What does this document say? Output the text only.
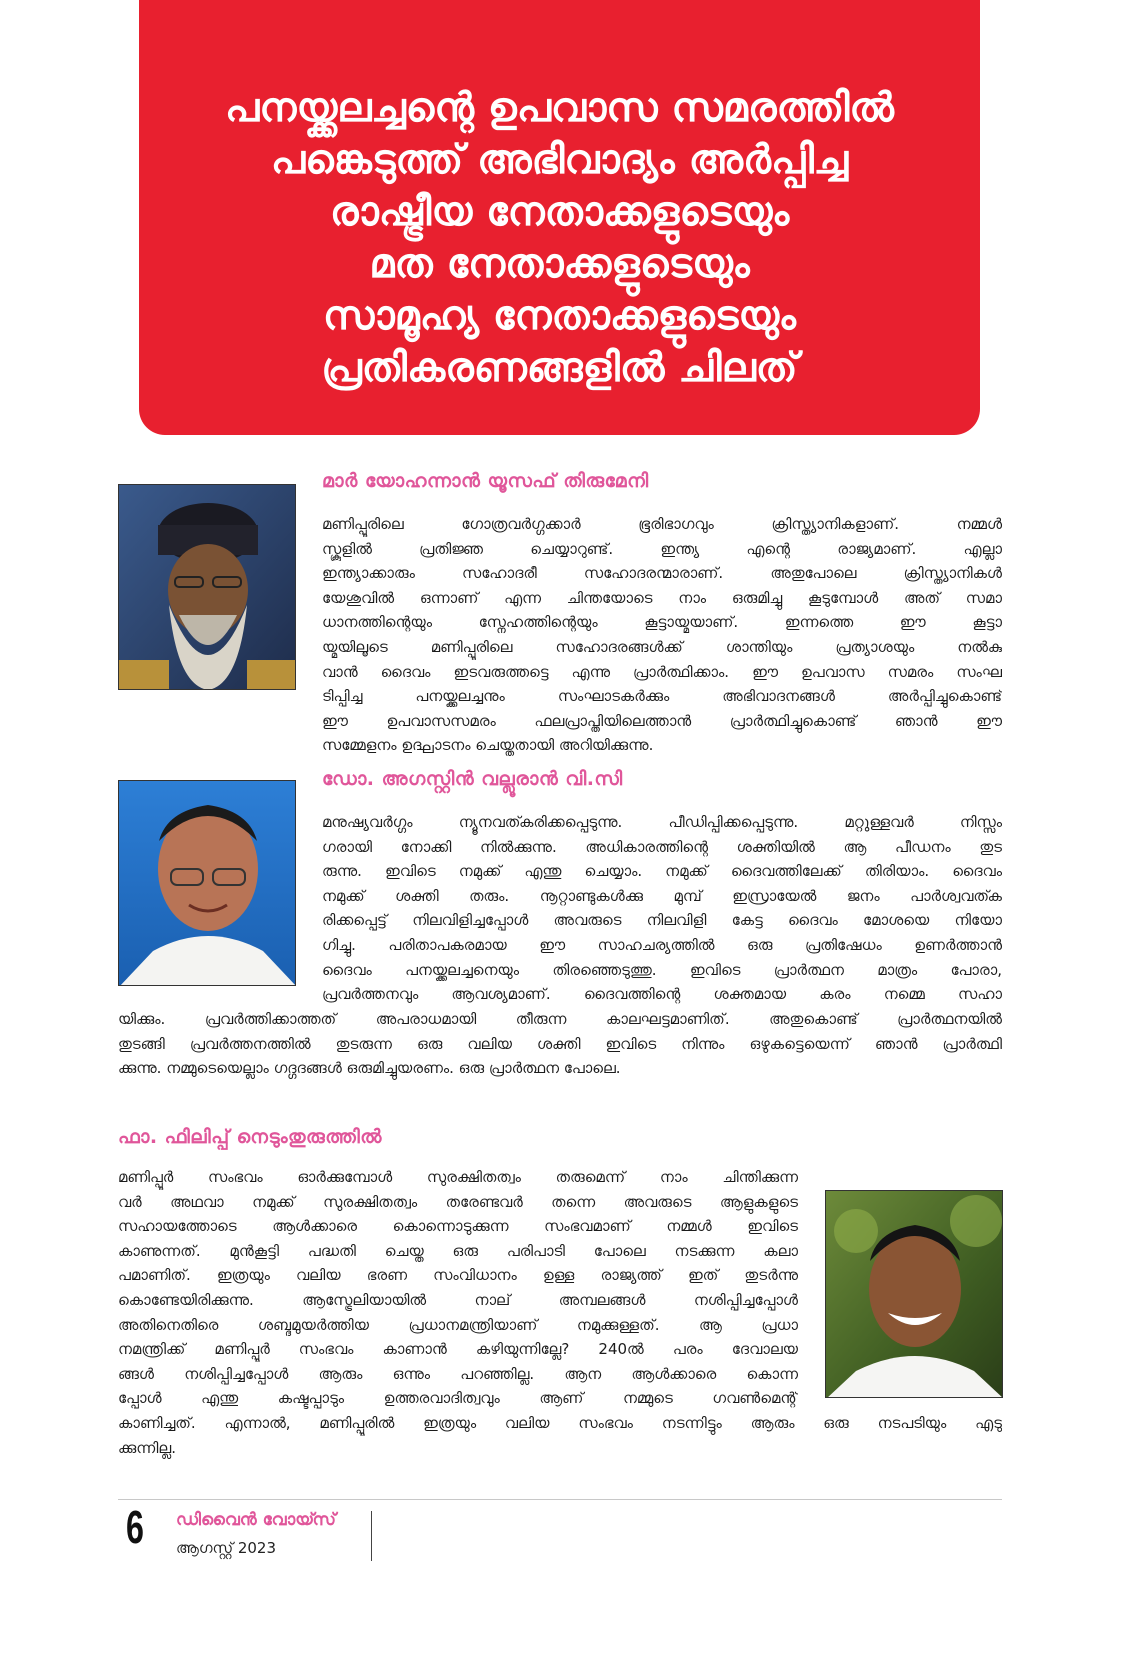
പനയ്ക്കലച്ചന്റെ ഉപവാസ സമരത്തിൽ
പങ്കെടുത്ത് അഭിവാദ്യം അർപ്പിച്ച
രാഷ്ട്രീയ നേതാക്കളുടെയും
മത നേതാക്കളുടെയും
സാമൂഹ്യ നേതാക്കളുടെയും
പ്രതികരണങ്ങളിൽ ചിലത്
മാർ യോഹന്നാൻ യൂസഫ് തിരുമേനി
മണിപ്പൂരിലെ ഗോത്രവർഗ്ഗക്കാർ ഭൂരിഭാഗവും ക്രിസ്ത്യാനികളാണ്. നമ്മൾ
സ്കൂളിൽ പ്രതിജ്ഞ ചെയ്യാറുണ്ട്. ഇന്ത്യ എന്റെ രാജ്യമാണ്. എല്ലാ
ഇന്ത്യാക്കാരും സഹോദരീ സഹോദരന്മാരാണ്. അതുപോലെ ക്രിസ്ത്യാനികൾ
യേശുവിൽ ഒന്നാണ് എന്ന ചിന്തയോടെ നാം ഒരുമിച്ചു കൂടുമ്പോൾ അത് സമാ
ധാനത്തിന്റെയും സ്നേഹത്തിന്റെയും കൂട്ടായ്മയാണ്. ഇന്നത്തെ ഈ കൂട്ടാ
യ്മയിലൂടെ മണിപ്പൂരിലെ സഹോദരങ്ങൾക്ക് ശാന്തിയും പ്രത്യാശയും നൽകു
വാൻ ദൈവം ഇടവരുത്തട്ടെ എന്നു പ്രാർത്ഥിക്കാം. ഈ ഉപവാസ സമരം സംഘ
ടിപ്പിച്ച പനയ്ക്കലച്ചനും സംഘാടകർക്കും അഭിവാദനങ്ങൾ അർപ്പിച്ചുകൊണ്ട്
ഈ ഉപവാസസമരം ഫലപ്രാപ്തിയിലെത്താൻ പ്രാർത്ഥിച്ചുകൊണ്ട് ഞാൻ ഈ
സമ്മേളനം ഉദ്ഘാടനം ചെയ്തതായി അറിയിക്കുന്നു.
ഡോ. അഗസ്റ്റിൻ വല്ലൂരാൻ വി.സി
മനുഷ്യവർഗ്ഗം ന്യൂനവത്കരിക്കപ്പെടുന്നു. പീഡിപ്പിക്കപ്പെടുന്നു. മറ്റുള്ളവർ നിസ്സം
ഗരായി നോക്കി നിൽക്കുന്നു. അധികാരത്തിന്റെ ശക്തിയിൽ ആ പീഡനം തുട
രുന്നു. ഇവിടെ നമുക്ക് എന്തു ചെയ്യാം. നമുക്ക് ദൈവത്തിലേക്ക് തിരിയാം. ദൈവം
നമുക്ക് ശക്തി തരും. നൂറ്റാണ്ടുകൾക്കു മുമ്പ് ഇസ്രായേൽ ജനം പാർശ്വവത്ക
രിക്കപ്പെട്ട് നിലവിളിച്ചപ്പോൾ അവരുടെ നിലവിളി കേട്ട ദൈവം മോശയെ നിയോ
ഗിച്ചു. പരിതാപകരമായ ഈ സാഹചര്യത്തിൽ ഒരു പ്രതിഷേധം ഉണർത്താൻ
ദൈവം പനയ്ക്കലച്ചനെയും തിരഞ്ഞെടുത്തു. ഇവിടെ പ്രാർത്ഥന മാത്രം പോരാ,
പ്രവർത്തനവും ആവശ്യമാണ്. ദൈവത്തിന്റെ ശക്തമായ കരം നമ്മെ സഹാ
യിക്കും. പ്രവർത്തിക്കാത്തത് അപരാധമായി തീരുന്ന കാലഘട്ടമാണിത്. അതുകൊണ്ട് പ്രാർത്ഥനയിൽ
തുടങ്ങി പ്രവർത്തനത്തിൽ തുടരുന്ന ഒരു വലിയ ശക്തി ഇവിടെ നിന്നും ഒഴുകട്ടെയെന്ന് ഞാൻ പ്രാർത്ഥി
ക്കുന്നു. നമ്മുടെയെല്ലാം ഗദ്ഗദങ്ങൾ ഒരുമിച്ചുയരണം. ഒരു പ്രാർത്ഥന പോലെ.
ഫാ. ഫിലിപ്പ് നെടുംതുരുത്തിൽ
മണിപ്പൂർ സംഭവം ഓർക്കുമ്പോൾ സുരക്ഷിതത്വം തരുമെന്ന് നാം ചിന്തിക്കുന്ന
വർ അഥവാ നമുക്ക് സുരക്ഷിതത്വം തരേണ്ടവർ തന്നെ അവരുടെ ആളുകളുടെ
സഹായത്തോടെ ആൾക്കാരെ കൊന്നൊടുക്കുന്ന സംഭവമാണ് നമ്മൾ ഇവിടെ
കാണുന്നത്. മുൻകൂട്ടി പദ്ധതി ചെയ്ത ഒരു പരിപാടി പോലെ നടക്കുന്ന കലാ
പമാണിത്. ഇത്രയും വലിയ ഭരണ സംവിധാനം ഉള്ള രാജ്യത്ത് ഇത് തുടർന്നു
കൊണ്ടേയിരിക്കുന്നു. ആസ്ട്രേലിയായിൽ നാല് അമ്പലങ്ങൾ നശിപ്പിച്ചപ്പോൾ
അതിനെതിരെ ശബ്ദമുയർത്തിയ പ്രധാനമന്ത്രിയാണ് നമുക്കുള്ളത്. ആ പ്രധാ
നമന്ത്രിക്ക് മണിപ്പൂർ സംഭവം കാണാൻ കഴിയുന്നില്ലേ? 240ൽ പരം ദേവാലയ
ങ്ങൾ നശിപ്പിച്ചപ്പോൾ ആരും ഒന്നും പറഞ്ഞില്ല. ആന ആൾക്കാരെ കൊന്ന
പ്പോൾ എന്തു കഷ്ടപ്പാടും ഉത്തരവാദിത്വവും ആണ് നമ്മുടെ ഗവൺമെന്റ്
കാണിച്ചത്. എന്നാൽ, മണിപ്പൂരിൽ ഇത്രയും വലിയ സംഭവം നടന്നിട്ടും ആരും ഒരു നടപടിയും എടു
ക്കുന്നില്ല.
6 ഡിവൈൻ വോയ്സ്
ആഗസ്റ്റ് 2023
